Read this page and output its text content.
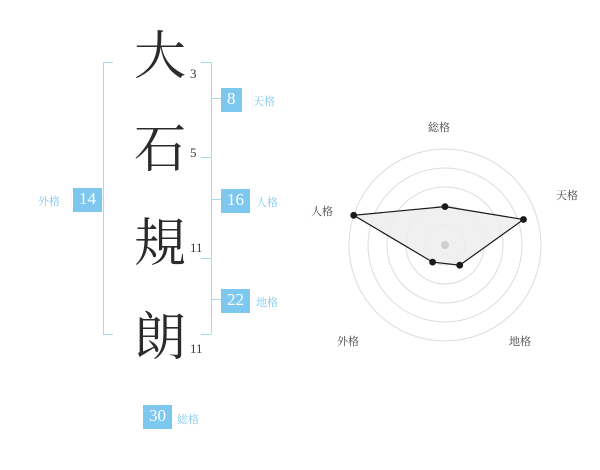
大
石
規
朗
3
5
11
11
8	天格
16	人格
22	地格
14
外格
30	総格
総格
天格
地格
外格
人格
